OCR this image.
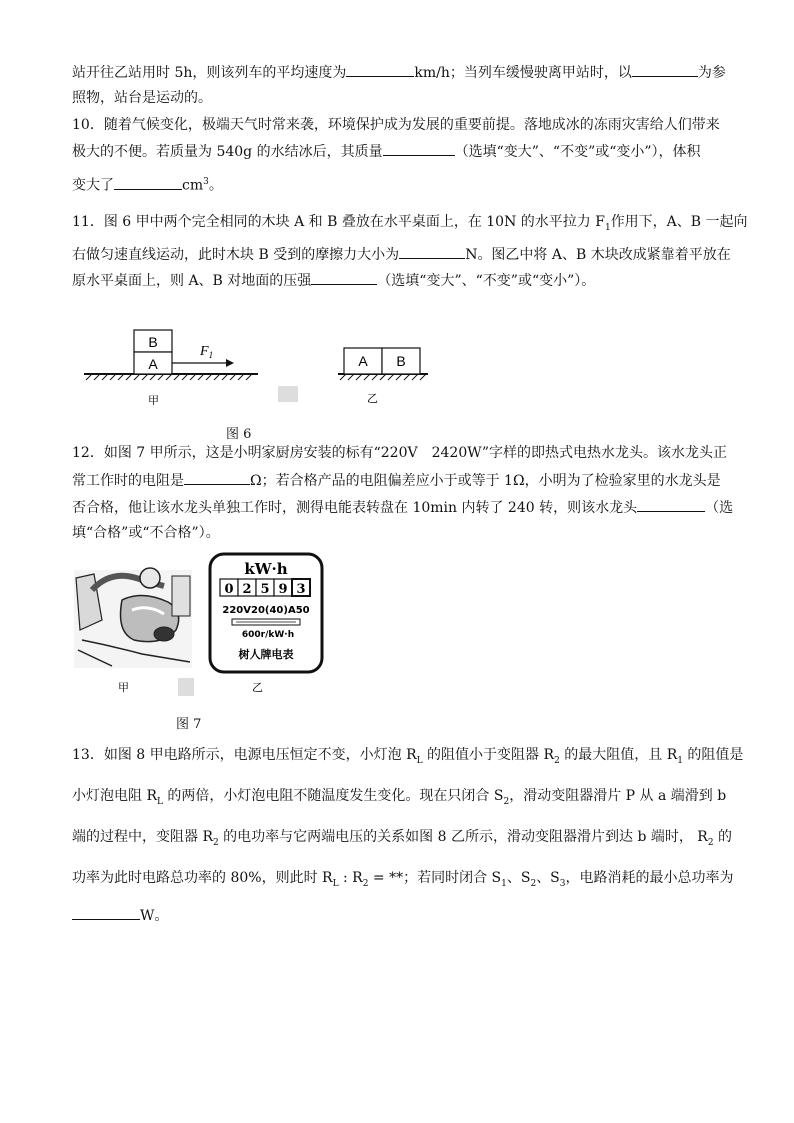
站开往乙站用时 5h，则该列车的平均速度为	km/h；当列车缓慢驶离甲站时，以	为参
照物，站台是运动的。
10．随着气候变化，极端天气时常来袭，环境保护成为发展的重要前提。落地成冰的冻雨灾害给人们带来
极大的不便。若质量为 540g 的水结冰后，其质量	（选填“变大”、“不变”或“变小”），体积
变大了	$cm^3$。
11．图 6 甲中两个完全相同的木块 A 和 B 叠放在水平桌面上，在 10N 的水平拉力 $F_1$作用下，A、B 一起向
右做匀速直线运动，此时木块 B 受到的摩擦力大小为	N。图乙中将 A、B 木块改成紧靠着平放在
原水平桌面上，则 A、B 对地面的压强	（选填“变大”、“不变”或“变小”）。
B
A
$F_1$	A B
甲	乙
图 6
12．如图 7 甲所示，这是小明家厨房安装的标有“220V　2420W”字样的即热式电热水龙头。该水龙头正
常工作时的电阻是	Ω；若合格产品的电阻偏差应小于或等于 1Ω，小明为了检验家里的水龙头是
否合格，他让该水龙头单独工作时，测得电能表转盘在 10min 内转了 240 转，则该水龙头	（选
填“合格”或“不合格”）。
kW·h
0 2 5 9 3
220V20(40)A50
600r/kW·h
树人牌电表
甲	乙
图 7
13．如图 8 甲电路所示，电源电压恒定不变，小灯泡 $R_L$ 的阻值小于变阻器 $R_2$ 的最大阻值，且 $R_1$ 的阻值是
小灯泡电阻 $R_L$ 的两倍，小灯泡电阻不随温度发生变化。现在只闭合 $S_2$，滑动变阻器滑片 P 从 a 端滑到 b
端的过程中，变阻器 $R_2$ 的电功率与它两端电压的关系如图 8 乙所示，滑动变阻器滑片到达 b 端时， $R_2$ 的
功率为此时电路总功率的 80%，则此时 $R_L$ : $R_2$ = **；若同时闭合 $S_1$、$S_2$、$S_3$，电路消耗的最小总功率为
W。
